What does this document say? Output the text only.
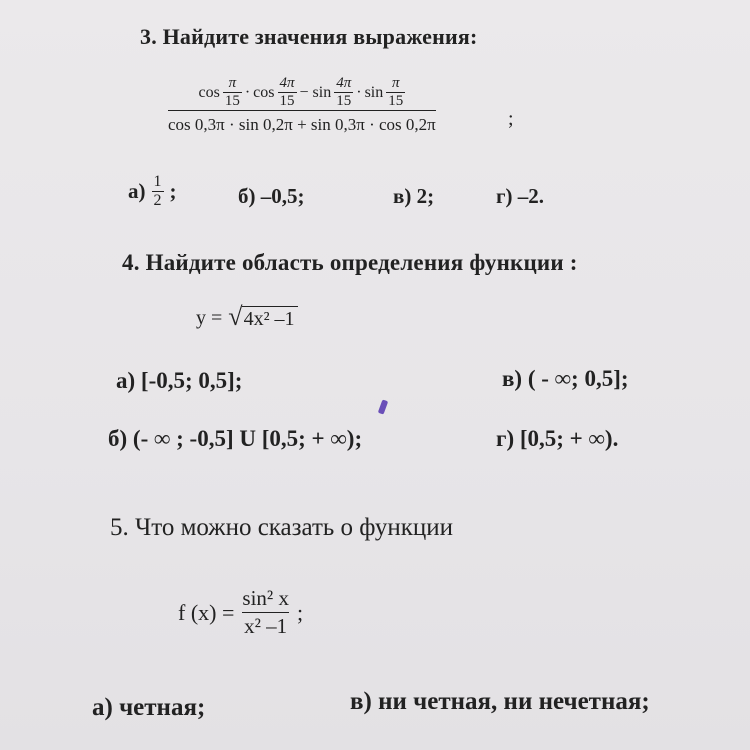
3. Найдите значения выражения:
$\cos \frac{\pi}{15} \cdot \cos \frac{4\pi}{15} - \sin \frac{4\pi}{15} \cdot \sin \frac{\pi}{15}$
cos 0,3π · sin 0,2π + sin 0,3π · cos 0,2π	;
$а) \frac{1}{2}$ ;	б) –0,5;	в) 2;	г) –2.
4. Найдите область определения функции :
y = √ 4x² –1
а) [-0,5; 0,5];	в) ( - ∞; 0,5];
б) (- ∞ ; -0,5] U [0,5; + ∞);	г) [0,5; + ∞).
5. Что можно сказать о функции
f $(x) = \frac{\text{sin² x}}{\text{x² –1}}$ ;
а) четная;	в) ни четная, ни нечетная;
